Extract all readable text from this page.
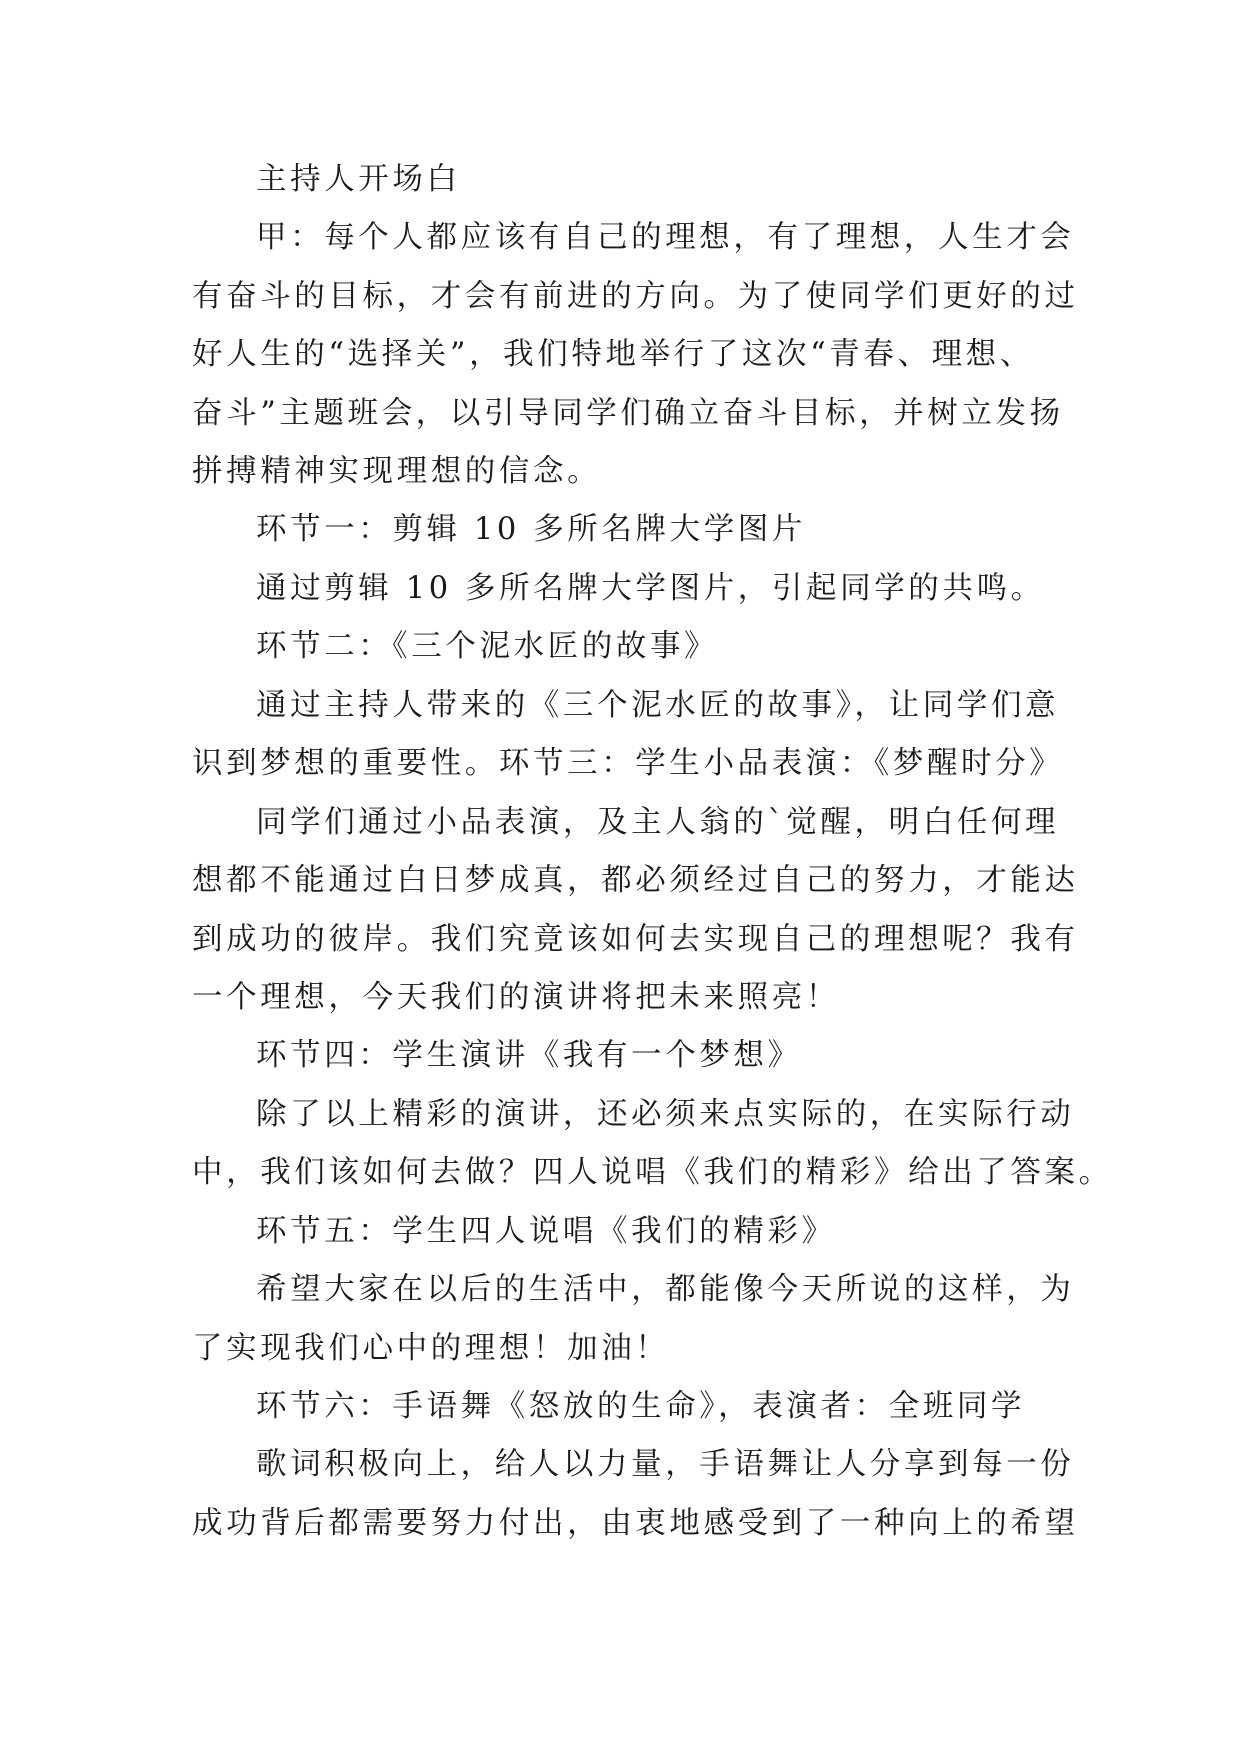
主持人开场白
甲：每个人都应该有自己的理想，有了理想，人生才会
有奋斗的目标，才会有前进的方向。为了使同学们更好的过
好人生的“选择关”，我们特地举行了这次“青春、理想、
奋斗”主题班会，以引导同学们确立奋斗目标，并树立发扬
拼搏精神实现理想的信念。
环节一：剪辑 10 多所名牌大学图片
通过剪辑 10 多所名牌大学图片，引起同学的共鸣。
环节二：《三个泥水匠的故事》
通过主持人带来的《三个泥水匠的故事》，让同学们意
识到梦想的重要性。环节三：学生小品表演：《梦醒时分》
同学们通过小品表演，及主人翁的`觉醒，明白任何理
想都不能通过白日梦成真，都必须经过自己的努力，才能达
到成功的彼岸。我们究竟该如何去实现自己的理想呢？我有
一个理想，今天我们的演讲将把未来照亮！
环节四：学生演讲《我有一个梦想》
除了以上精彩的演讲，还必须来点实际的，在实际行动
中，我们该如何去做？四人说唱《我们的精彩》给出了答案。
环节五：学生四人说唱《我们的精彩》
希望大家在以后的生活中，都能像今天所说的这样，为
了实现我们心中的理想！加油！
环节六：手语舞《怒放的生命》，表演者：全班同学
歌词积极向上，给人以力量，手语舞让人分享到每一份
成功背后都需要努力付出，由衷地感受到了一种向上的希望
